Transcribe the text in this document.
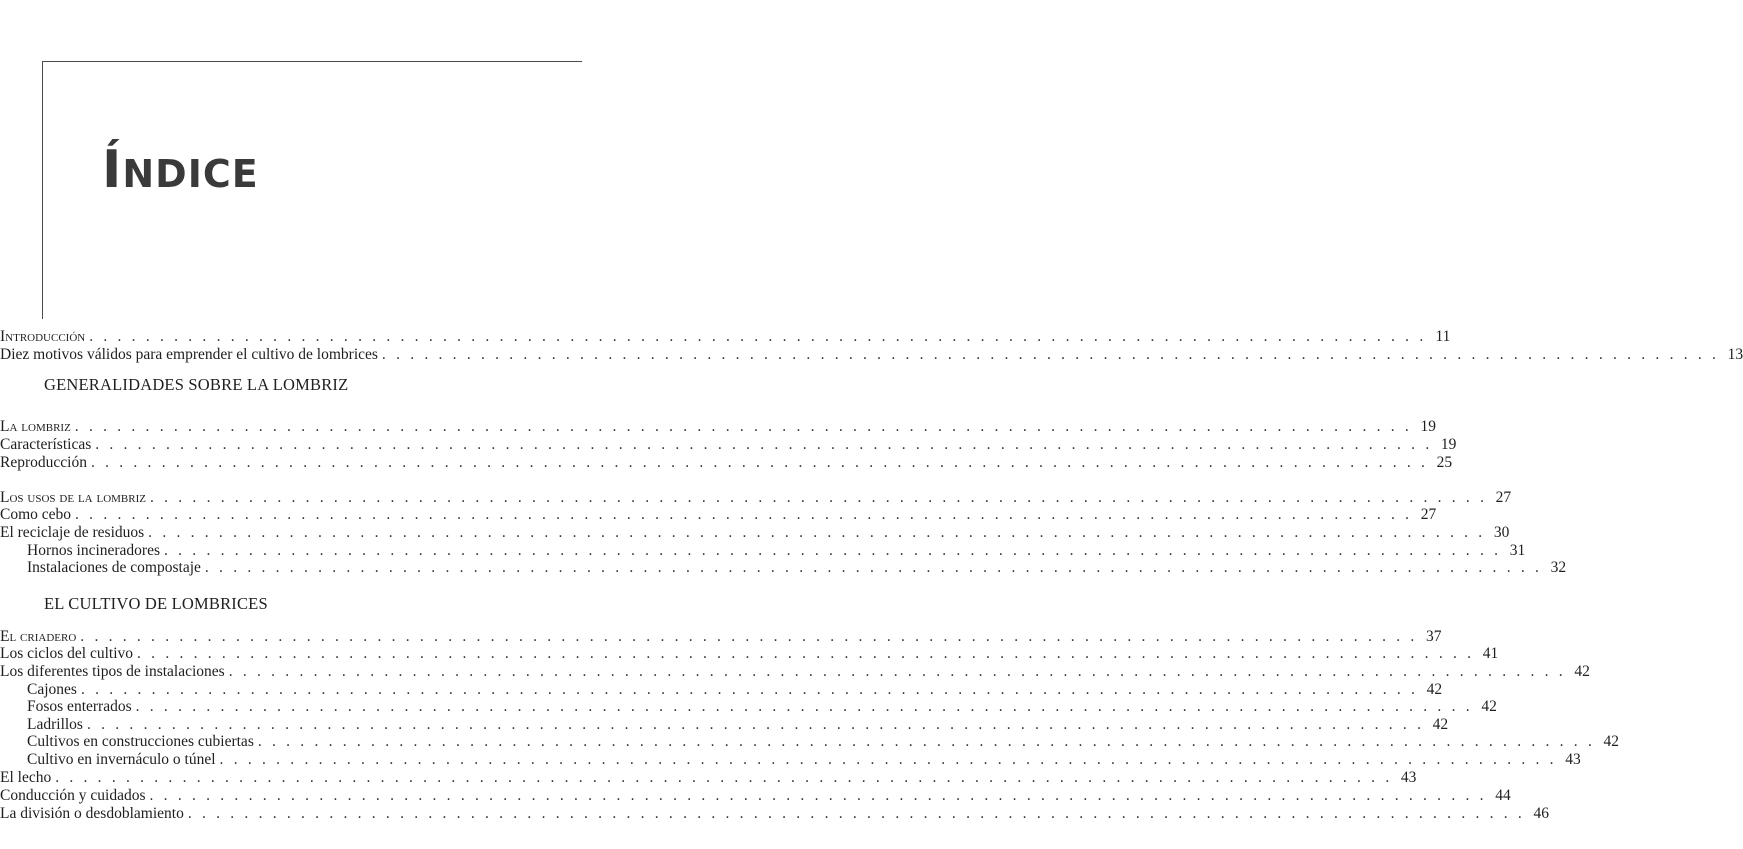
ÍNDICE
GENERALIDADES SOBRE LA LOMBRIZ
EL CULTIVO DE LOMBRICES
Introducción . . . . . . . . . . . . . . . . . . . . . . . . . . . . . . . . . . . . . . . . . . . . . . . . . . . . . . . . . . . . . . . . . . . . . . . . . . . . . . . . . . . . . . . . . . . . . . . 11
Diez motivos válidos para emprender el cultivo de lombrices . . . . . . . . . . . . . . . . . . . . . . . . . . . . . . . . . . . . . . . . . . . . . . . . . . . . . . . . . . . . . . . . . . . . . . . . . . . . . . . . . . . . . . . . . . . . . . . 13
La lombriz . . . . . . . . . . . . . . . . . . . . . . . . . . . . . . . . . . . . . . . . . . . . . . . . . . . . . . . . . . . . . . . . . . . . . . . . . . . . . . . . . . . . . . . . . . . . . . . 19
Características . . . . . . . . . . . . . . . . . . . . . . . . . . . . . . . . . . . . . . . . . . . . . . . . . . . . . . . . . . . . . . . . . . . . . . . . . . . . . . . . . . . . . . . . . . . . . . . 19
Reproducción . . . . . . . . . . . . . . . . . . . . . . . . . . . . . . . . . . . . . . . . . . . . . . . . . . . . . . . . . . . . . . . . . . . . . . . . . . . . . . . . . . . . . . . . . . . . . . . 25
Los usos de la lombriz . . . . . . . . . . . . . . . . . . . . . . . . . . . . . . . . . . . . . . . . . . . . . . . . . . . . . . . . . . . . . . . . . . . . . . . . . . . . . . . . . . . . . . . . . . . . . . . 27
Como cebo . . . . . . . . . . . . . . . . . . . . . . . . . . . . . . . . . . . . . . . . . . . . . . . . . . . . . . . . . . . . . . . . . . . . . . . . . . . . . . . . . . . . . . . . . . . . . . . 27
El reciclaje de residuos . . . . . . . . . . . . . . . . . . . . . . . . . . . . . . . . . . . . . . . . . . . . . . . . . . . . . . . . . . . . . . . . . . . . . . . . . . . . . . . . . . . . . . . . . . . . . . . 30
Hornos incineradores . . . . . . . . . . . . . . . . . . . . . . . . . . . . . . . . . . . . . . . . . . . . . . . . . . . . . . . . . . . . . . . . . . . . . . . . . . . . . . . . . . . . . . . . . . . . . . . 31
Instalaciones de compostaje . . . . . . . . . . . . . . . . . . . . . . . . . . . . . . . . . . . . . . . . . . . . . . . . . . . . . . . . . . . . . . . . . . . . . . . . . . . . . . . . . . . . . . . . . . . . . . . 32
El criadero . . . . . . . . . . . . . . . . . . . . . . . . . . . . . . . . . . . . . . . . . . . . . . . . . . . . . . . . . . . . . . . . . . . . . . . . . . . . . . . . . . . . . . . . . . . . . . . 37
Los ciclos del cultivo . . . . . . . . . . . . . . . . . . . . . . . . . . . . . . . . . . . . . . . . . . . . . . . . . . . . . . . . . . . . . . . . . . . . . . . . . . . . . . . . . . . . . . . . . . . . . . . 41
Los diferentes tipos de instalaciones . . . . . . . . . . . . . . . . . . . . . . . . . . . . . . . . . . . . . . . . . . . . . . . . . . . . . . . . . . . . . . . . . . . . . . . . . . . . . . . . . . . . . . . . . . . . . . . 42
Cajones . . . . . . . . . . . . . . . . . . . . . . . . . . . . . . . . . . . . . . . . . . . . . . . . . . . . . . . . . . . . . . . . . . . . . . . . . . . . . . . . . . . . . . . . . . . . . . . 42
Fosos enterrados . . . . . . . . . . . . . . . . . . . . . . . . . . . . . . . . . . . . . . . . . . . . . . . . . . . . . . . . . . . . . . . . . . . . . . . . . . . . . . . . . . . . . . . . . . . . . . . 42
Ladrillos . . . . . . . . . . . . . . . . . . . . . . . . . . . . . . . . . . . . . . . . . . . . . . . . . . . . . . . . . . . . . . . . . . . . . . . . . . . . . . . . . . . . . . . . . . . . . . . 42
Cultivos en construcciones cubiertas . . . . . . . . . . . . . . . . . . . . . . . . . . . . . . . . . . . . . . . . . . . . . . . . . . . . . . . . . . . . . . . . . . . . . . . . . . . . . . . . . . . . . . . . . . . . . . . 42
Cultivo en invernáculo o túnel . . . . . . . . . . . . . . . . . . . . . . . . . . . . . . . . . . . . . . . . . . . . . . . . . . . . . . . . . . . . . . . . . . . . . . . . . . . . . . . . . . . . . . . . . . . . . . . 43
El lecho . . . . . . . . . . . . . . . . . . . . . . . . . . . . . . . . . . . . . . . . . . . . . . . . . . . . . . . . . . . . . . . . . . . . . . . . . . . . . . . . . . . . . . . . . . . . . . . 43
Conducción y cuidados . . . . . . . . . . . . . . . . . . . . . . . . . . . . . . . . . . . . . . . . . . . . . . . . . . . . . . . . . . . . . . . . . . . . . . . . . . . . . . . . . . . . . . . . . . . . . . . 44
La división o desdoblamiento . . . . . . . . . . . . . . . . . . . . . . . . . . . . . . . . . . . . . . . . . . . . . . . . . . . . . . . . . . . . . . . . . . . . . . . . . . . . . . . . . . . . . . . . . . . . . . . 46
